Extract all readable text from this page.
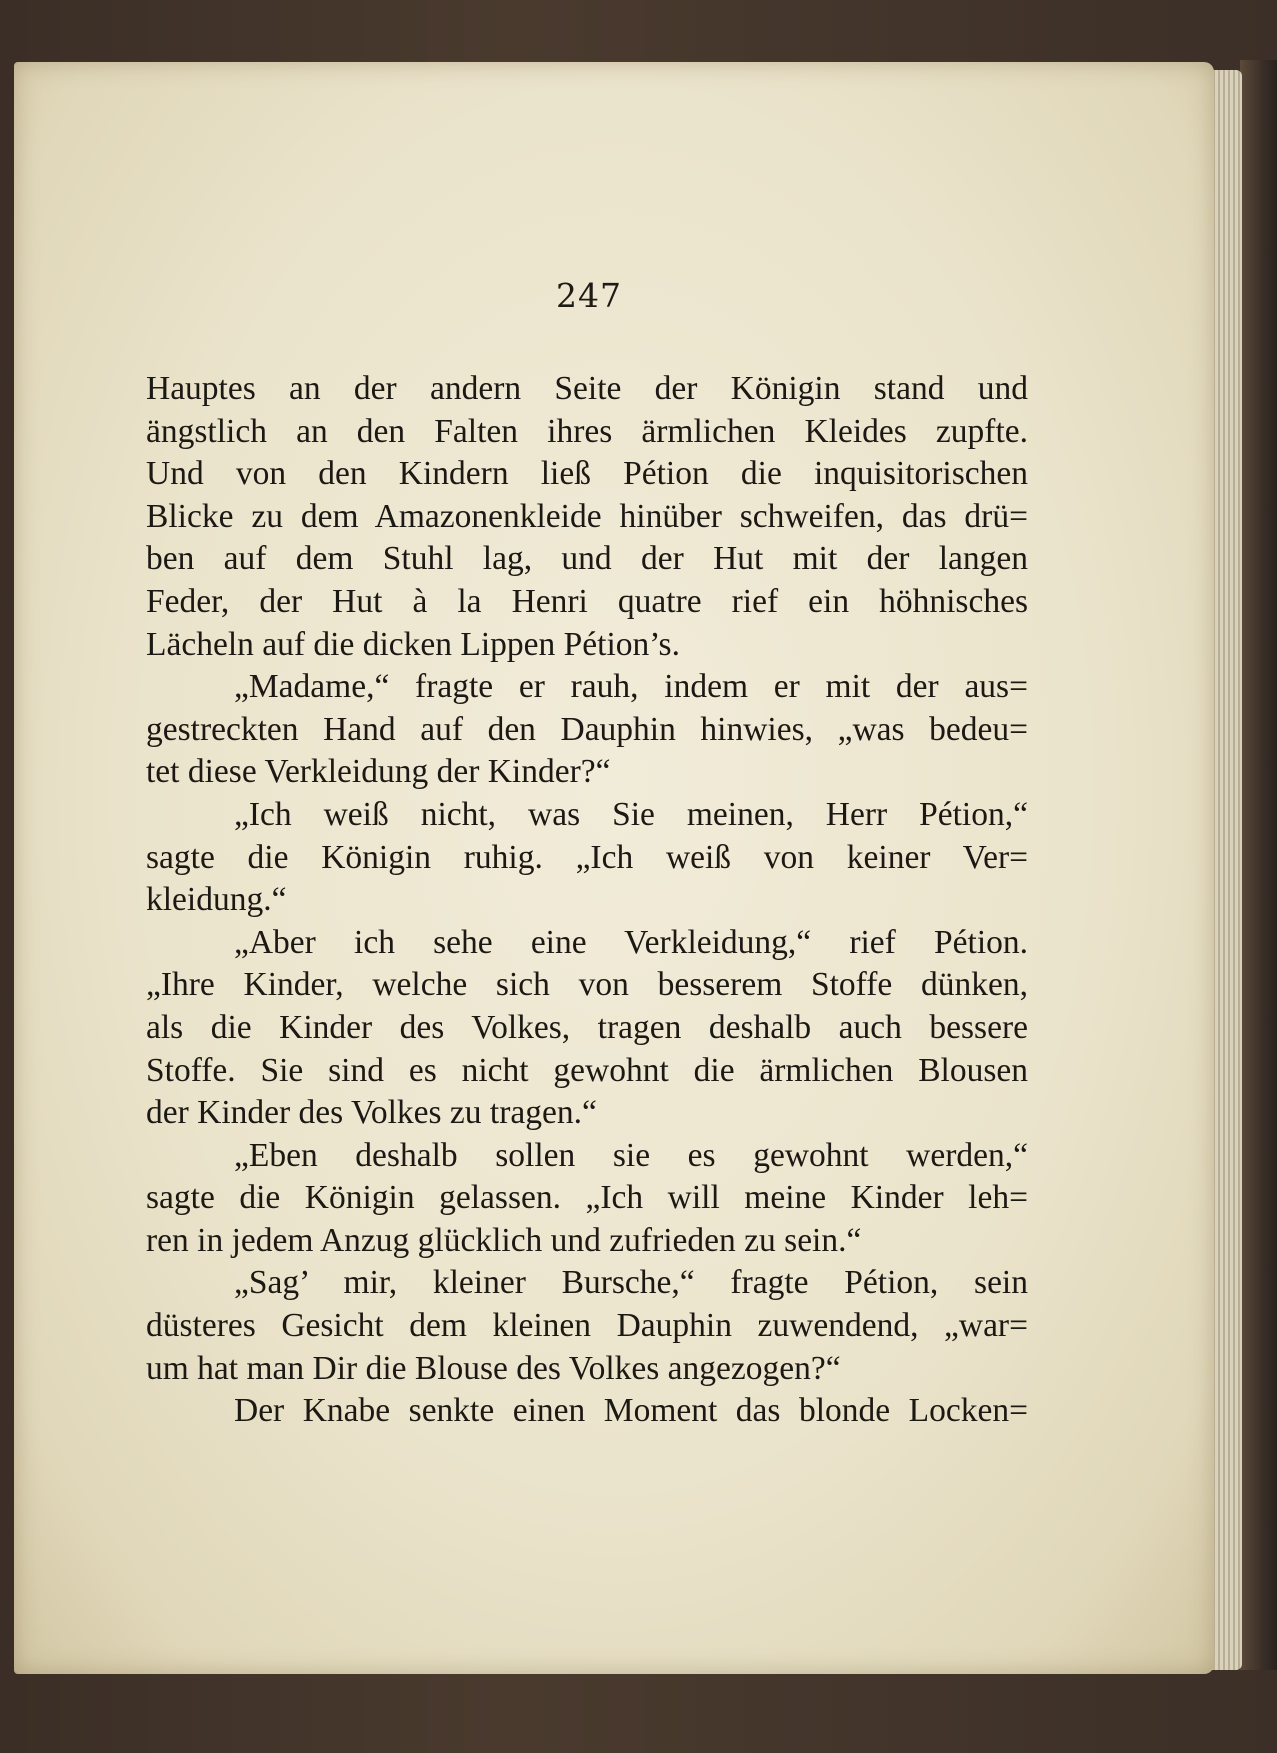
247
Hauptes an der andern Seite der Königin stand und
ängstlich an den Falten ihres ärmlichen Kleides zupfte.
Und von den Kindern ließ Pétion die inquisitorischen
Blicke zu dem Amazonenkleide hinüber schweifen, das drü=
ben auf dem Stuhl lag, und der Hut mit der langen
Feder, der Hut à la Henri quatre rief ein höhnisches
Lächeln auf die dicken Lippen Pétion’s.
„Madame,“ fragte er rauh, indem er mit der aus=
gestreckten Hand auf den Dauphin hinwies, „was bedeu=
tet diese Verkleidung der Kinder?“
„Ich weiß nicht, was Sie meinen, Herr Pétion,“
sagte die Königin ruhig. „Ich weiß von keiner Ver=
kleidung.“
„Aber ich sehe eine Verkleidung,“ rief Pétion.
„Ihre Kinder, welche sich von besserem Stoffe dünken,
als die Kinder des Volkes, tragen deshalb auch bessere
Stoffe. Sie sind es nicht gewohnt die ärmlichen Blousen
der Kinder des Volkes zu tragen.“
„Eben deshalb sollen sie es gewohnt werden,“
sagte die Königin gelassen. „Ich will meine Kinder leh=
ren in jedem Anzug glücklich und zufrieden zu sein.“
„Sag’ mir, kleiner Bursche,“ fragte Pétion, sein
düsteres Gesicht dem kleinen Dauphin zuwendend, „war=
um hat man Dir die Blouse des Volkes angezogen?“
Der Knabe senkte einen Moment das blonde Locken=
